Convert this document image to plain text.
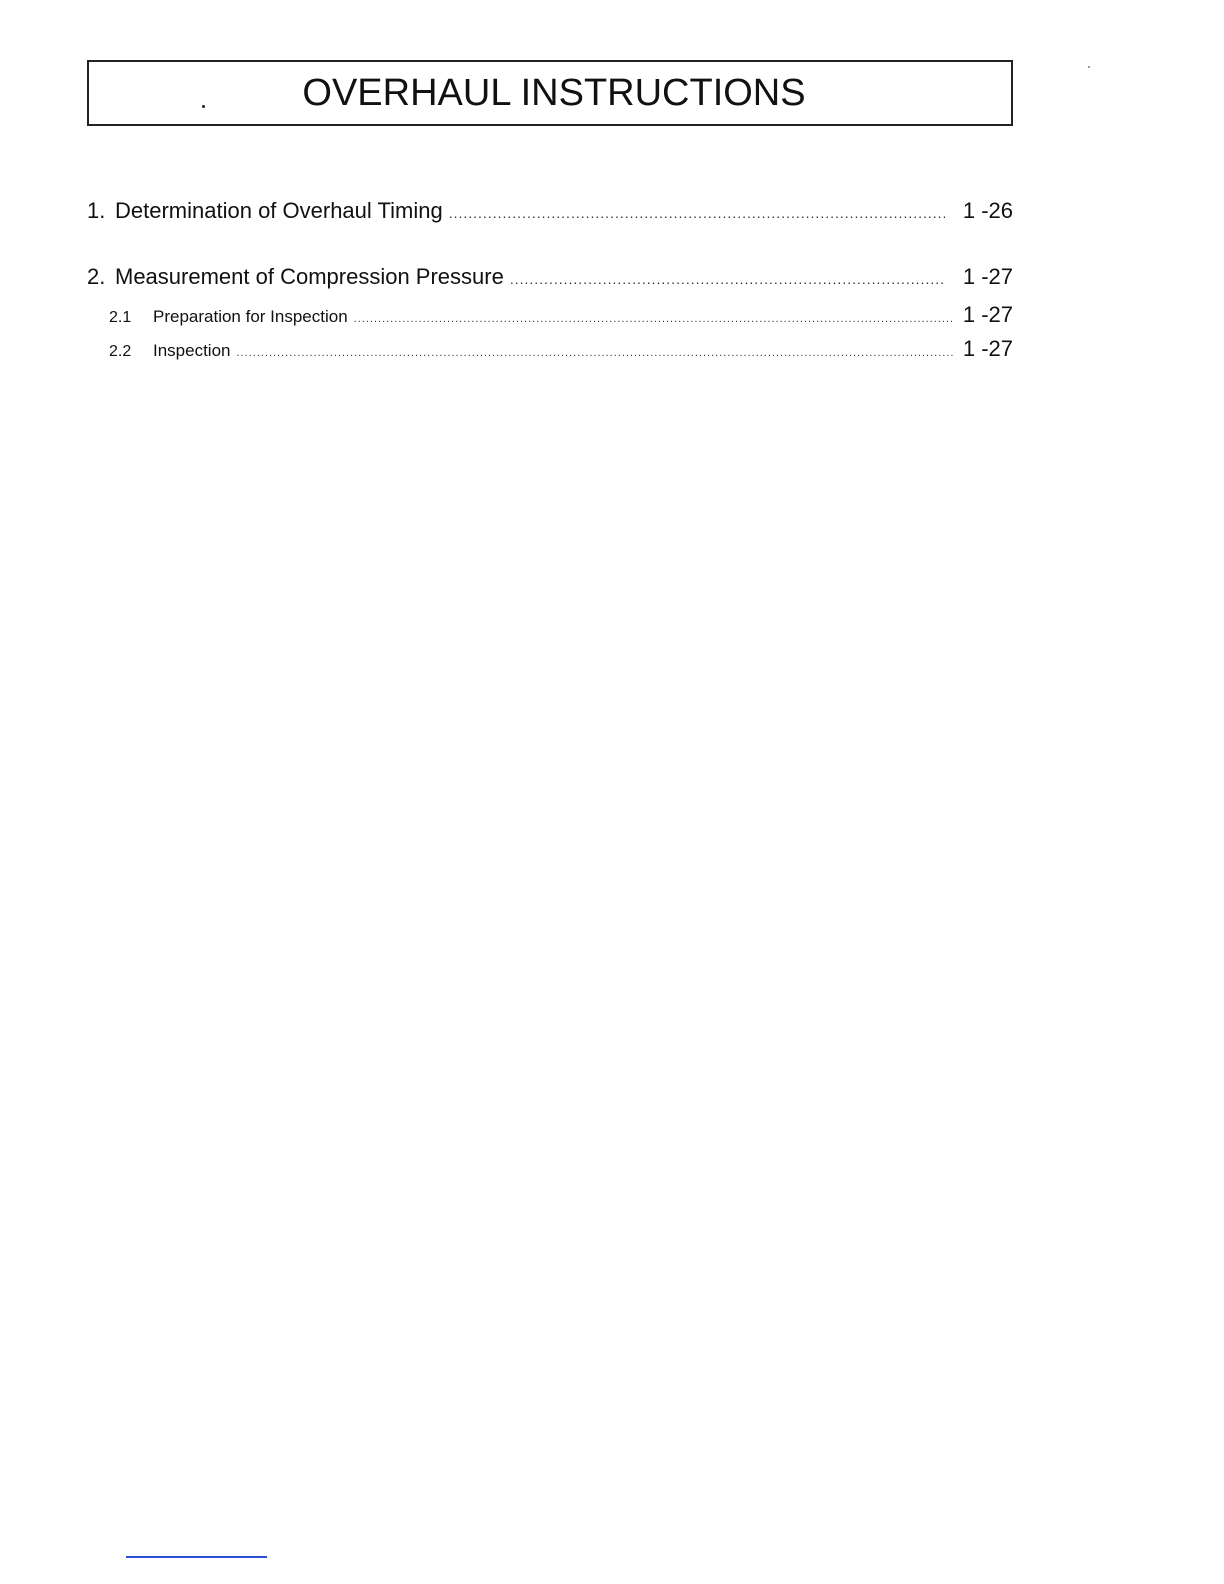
OVERHAUL INSTRUCTIONS
1. Determination of Overhaul Timing .....	1 -26
2. Measurement of Compression Pressure .....	1 -27
2.1	Preparation for Inspection .....	1 -27
2.2	Inspection .....	1 -27
